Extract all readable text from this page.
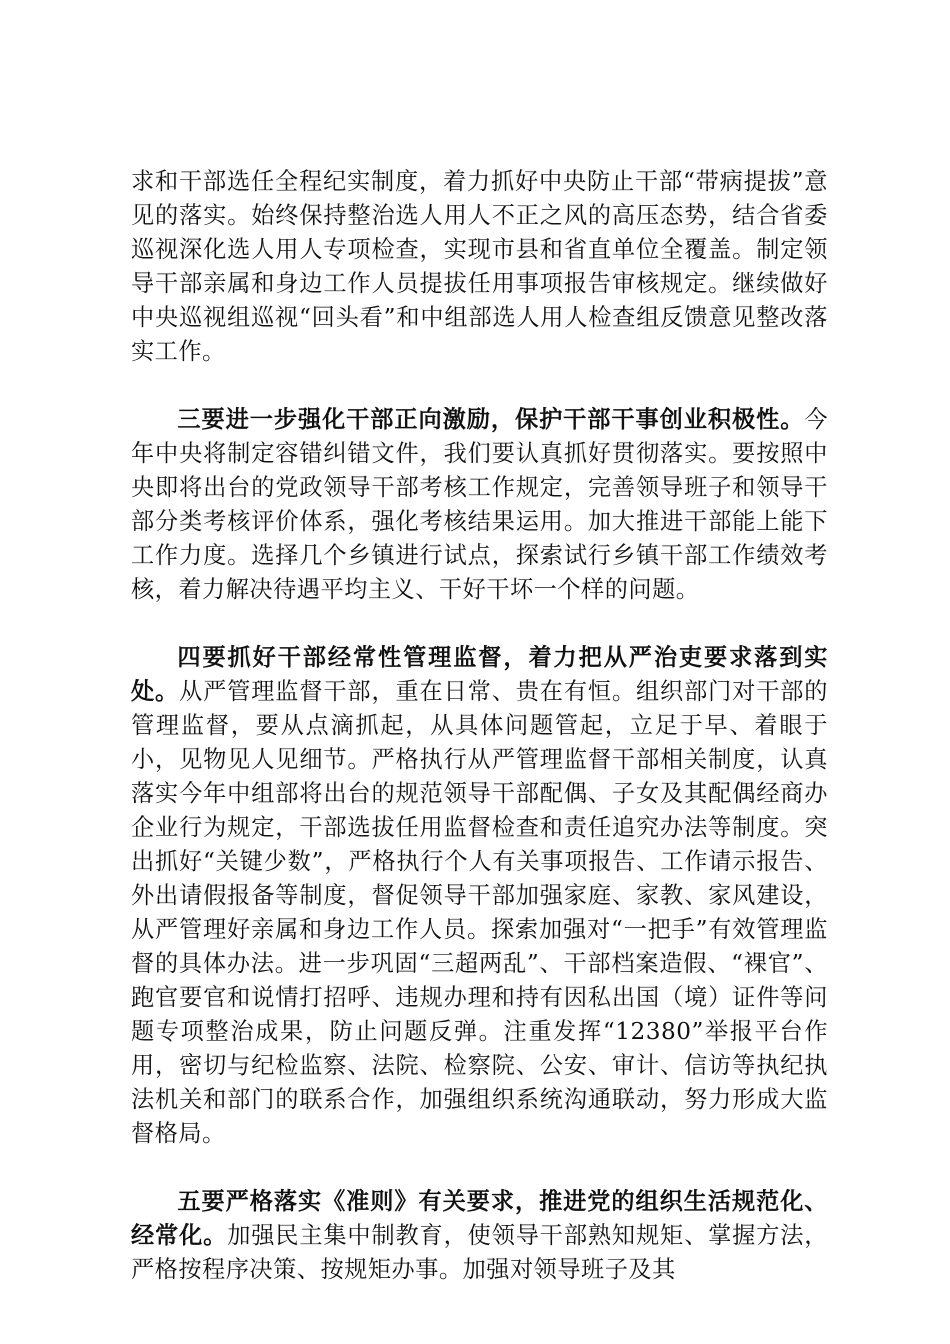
求和干部选任全程纪实制度，着力抓好中央防止干部“带病提拔”意见的落实。始终保持整治选人用人不正之风的高压态势，结合省委巡视深化选人用人专项检查，实现市县和省直单位全覆盖。制定领导干部亲属和身边工作人员提拔任用事项报告审核规定。继续做好中央巡视组巡视“回头看”和中组部选人用人检查组反馈意见整改落实工作。

三要进一步强化干部正向激励，保护干部干事创业积极性。今年中央将制定容错纠错文件，我们要认真抓好贯彻落实。要按照中央即将出台的党政领导干部考核工作规定，完善领导班子和领导干部分类考核评价体系，强化考核结果运用。加大推进干部能上能下工作力度。选择几个乡镇进行试点，探索试行乡镇干部工作绩效考核，着力解决待遇平均主义、干好干坏一个样的问题。

四要抓好干部经常性管理监督，着力把从严治吏要求落到实处。从严管理监督干部，重在日常、贵在有恒。组织部门对干部的管理监督，要从点滴抓起，从具体问题管起，立足于早、着眼于小，见物见人见细节。严格执行从严管理监督干部相关制度，认真落实今年中组部将出台的规范领导干部配偶、子女及其配偶经商办企业行为规定，干部选拔任用监督检查和责任追究办法等制度。突出抓好“关键少数”，严格执行个人有关事项报告、工作请示报告、外出请假报备等制度，督促领导干部加强家庭、家教、家风建设，从严管理好亲属和身边工作人员。探索加强对“一把手”有效管理监督的具体办法。进一步巩固“三超两乱”、干部档案造假、“裸官”、跑官要官和说情打招呼、违规办理和持有因私出国（境）证件等问题专项整治成果，防止问题反弹。注重发挥“12380”举报平台作用，密切与纪检监察、法院、检察院、公安、审计、信访等执纪执法机关和部门的联系合作，加强组织系统沟通联动，努力形成大监督格局。

五要严格落实《准则》有关要求，推进党的组织生活规范化、经常化。加强民主集中制教育，使领导干部熟知规矩、掌握方法，严格按程序决策、按规矩办事。加强对领导班子及其
